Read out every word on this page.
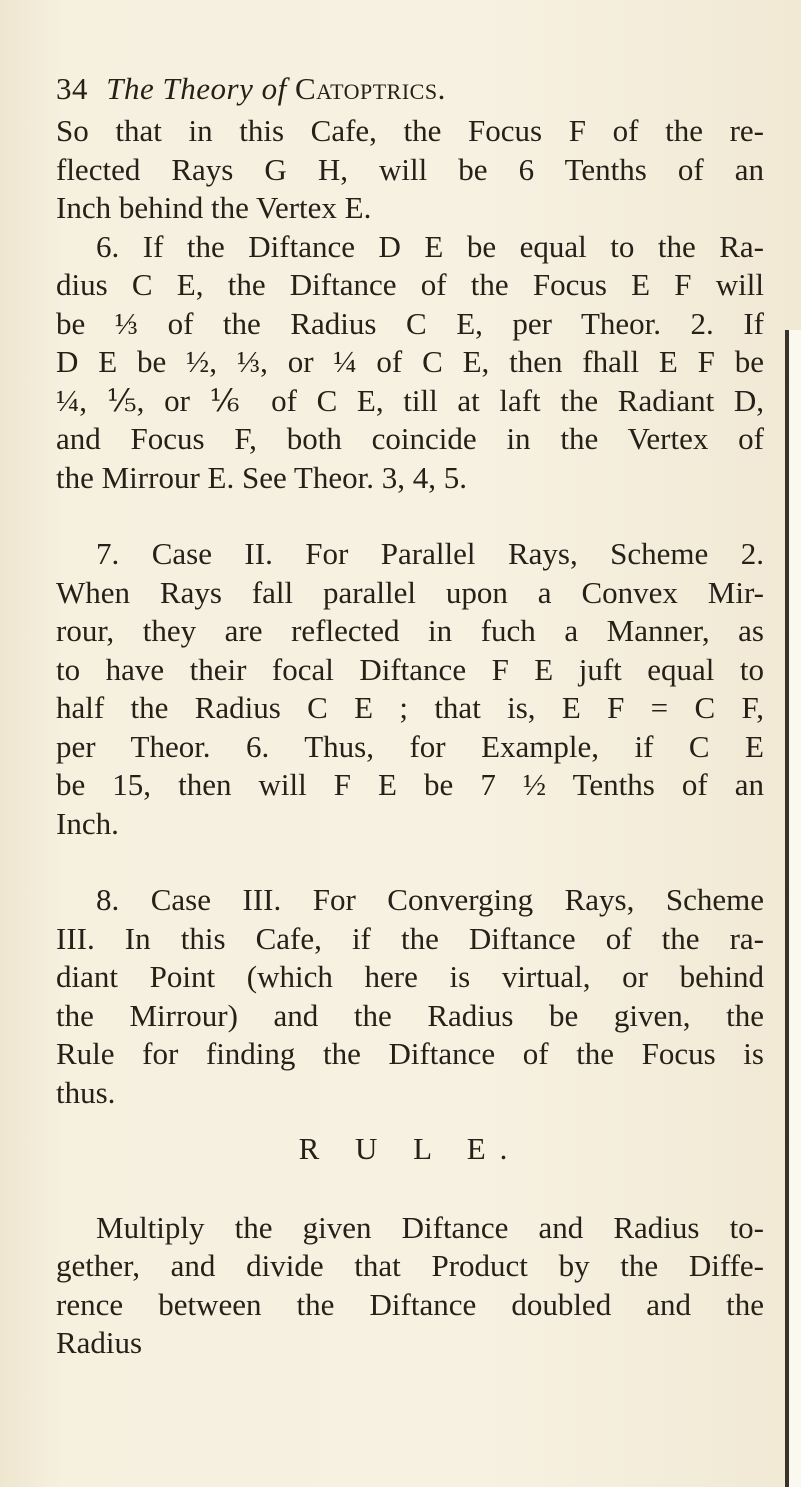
34 The Theory of Catoptrics.
So that in this Cafe, the Focus F of the re-
flected Rays G H, will be 6 Tenths of an
Inch behind the Vertex E.
6. If the Diftance D E be equal to the Ra-
dius C E, the Diftance of the Focus E F will
be ⅓ of the Radius C E, per Theor. 2. If
D E be ½, ⅓, or ¼ of C E, then fhall E F be
¼, ⅕, or ⅙ of C E, till at laft the Radiant D,
and Focus F, both coincide in the Vertex of
the Mirrour E. See Theor. 3, 4, 5.
7. Case II. For Parallel Rays, Scheme 2.
When Rays fall parallel upon a Convex Mir-
rour, they are reflected in fuch a Manner, as
to have their focal Diftance F E juft equal to
half the Radius C E ; that is, E F = C F,
per Theor. 6. Thus, for Example, if C E
be 15, then will F E be 7 ½ Tenths of an
Inch.
8. Case III. For Converging Rays, Scheme
III. In this Cafe, if the Diftance of the ra-
diant Point (which here is virtual, or behind
the Mirrour) and the Radius be given, the
Rule for finding the Diftance of the Focus is
thus.
R U L E.
Multiply the given Diftance and Radius to-
gether, and divide that Product by the Diffe-
rence between the Diftance doubled and the
Radius
